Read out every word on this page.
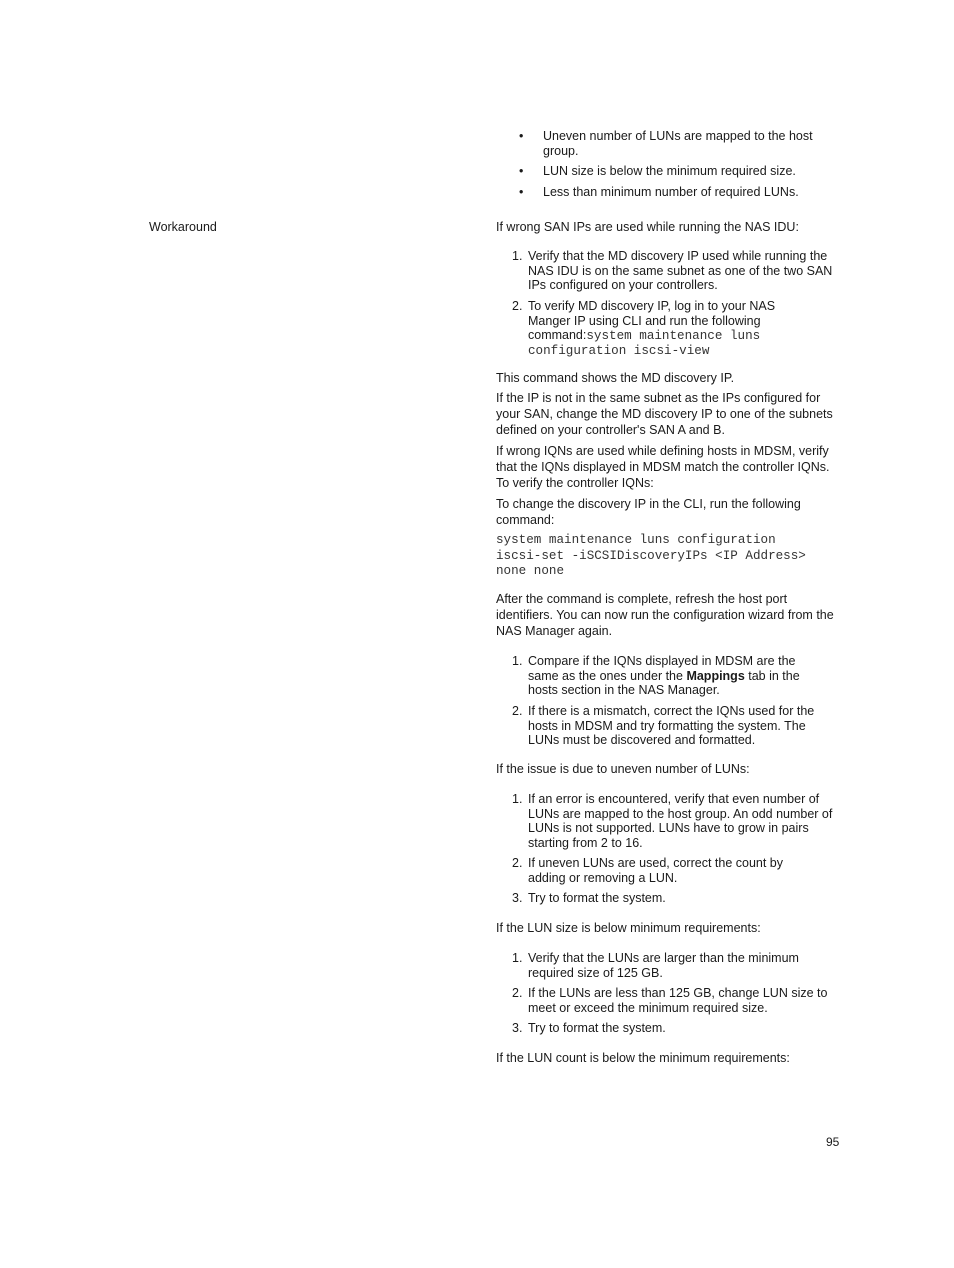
• Uneven number of LUNs are mapped to the host group.
• LUN size is below the minimum required size.
• Less than minimum number of required LUNs.
Workaround	If wrong SAN IPs are used while running the NAS IDU:
1. Verify that the MD discovery IP used while running the NAS IDU is on the same subnet as one of the two SAN IPs configured on your controllers.
2. To verify MD discovery IP, log in to your NAS Manger IP using CLI and run the following command:system maintenance luns configuration iscsi-view
This command shows the MD discovery IP.
If the IP is not in the same subnet as the IPs configured for your SAN, change the MD discovery IP to one of the subnets defined on your controller's SAN A and B.
If wrong IQNs are used while defining hosts in MDSM, verify that the IQNs displayed in MDSM match the controller IQNs. To verify the controller IQNs:
To change the discovery IP in the CLI, run the following command:
system maintenance luns configuration iscsi-set -iSCSIDiscoveryIPs <IP Address> none none
After the command is complete, refresh the host port identifiers. You can now run the configuration wizard from the NAS Manager again.
1. Compare if the IQNs displayed in MDSM are the same as the ones under the Mappings tab in the hosts section in the NAS Manager.
2. If there is a mismatch, correct the IQNs used for the hosts in MDSM and try formatting the system. The LUNs must be discovered and formatted.
If the issue is due to uneven number of LUNs:
1. If an error is encountered, verify that even number of LUNs are mapped to the host group. An odd number of LUNs is not supported. LUNs have to grow in pairs starting from 2 to 16.
2. If uneven LUNs are used, correct the count by adding or removing a LUN.
3. Try to format the system.
If the LUN size is below minimum requirements:
1. Verify that the LUNs are larger than the minimum required size of 125 GB.
2. If the LUNs are less than 125 GB, change LUN size to meet or exceed the minimum required size.
3. Try to format the system.
If the LUN count is below the minimum requirements:
95
